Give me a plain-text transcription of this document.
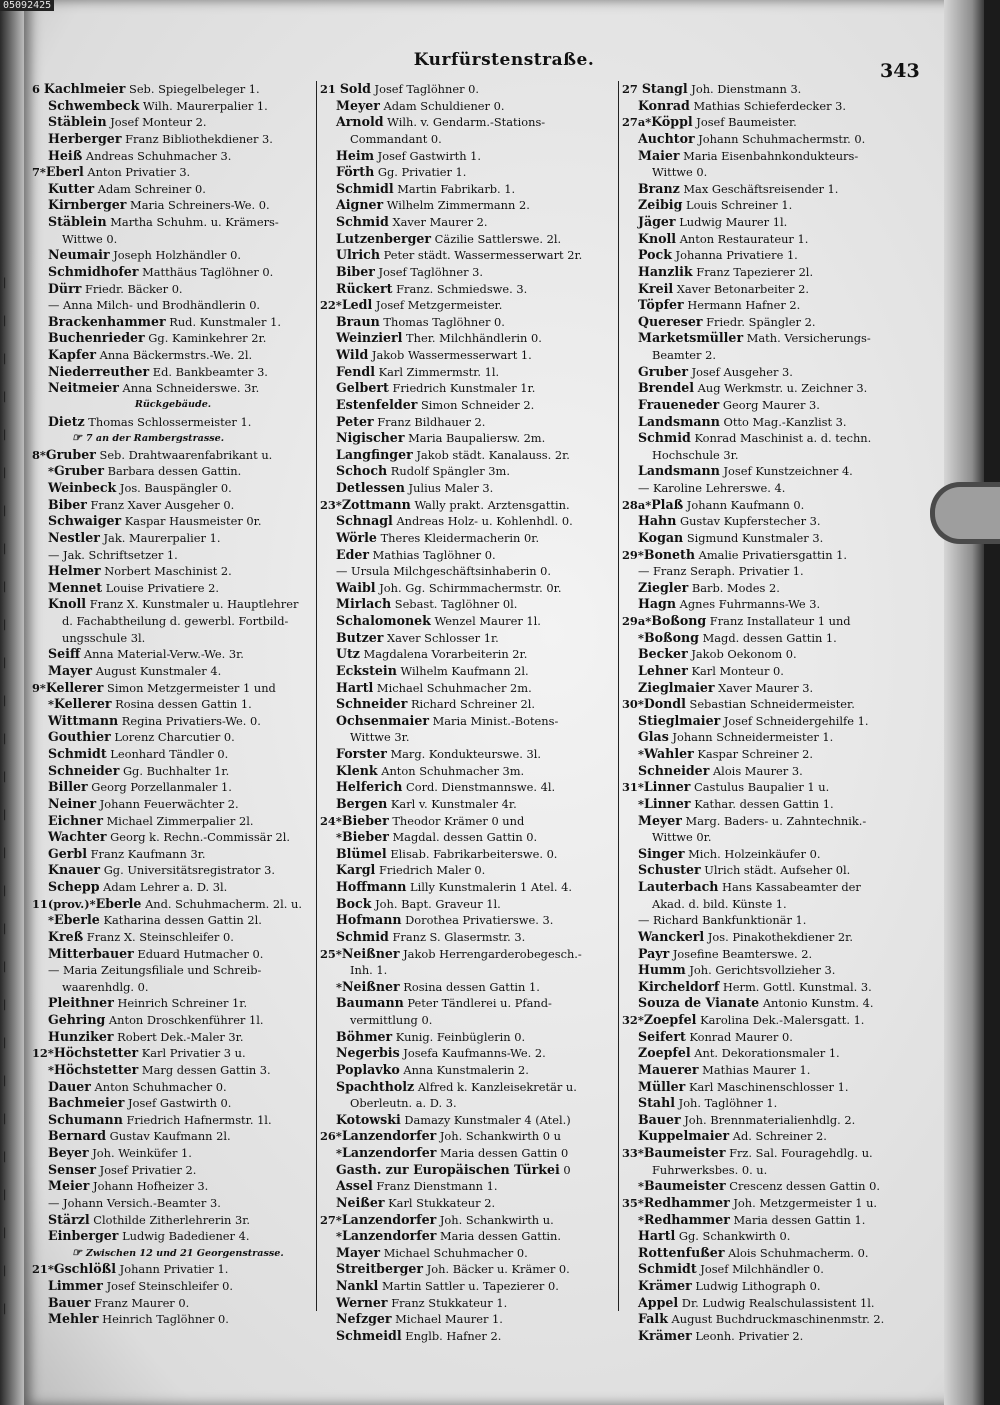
│
│
│
│
│
│
│
│
│
│
│
│
│
│
│
│
│
│
│
│
│
│
│
│
│
│
│
│
Kurfürstenstraße.	343
6 Kachlmeier Seb. Spiegelbeleger 1.
Schwembeck Wilh. Maurerpalier 1.
Stäblein Josef Monteur 2.
Herberger Franz Bibliothekdiener 3.
Heiß Andreas Schuhmacher 3.
7*Eberl Anton Privatier 3.
Kutter Adam Schreiner 0.
Kirnberger Maria Schreiners-We. 0.
Stäblein Martha Schuhm. u. Krämers-
Wittwe 0.
Neumair Joseph Holzhändler 0.
Schmidhofer Matthäus Taglöhner 0.
Dürr Friedr. Bäcker 0.
— Anna Milch- und Brodhändlerin 0.
Brackenhammer Rud. Kunstmaler 1.
Buchenrieder Gg. Kaminkehrer 2r.
Kapfer Anna Bäckermstrs.-We. 2l.
Niederreuther Ed. Bankbeamter 3.
Neitmeier Anna Schneiderswe. 3r.
Rückgebäude.
Dietz Thomas Schlossermeister 1.
☞ 7 an der Rambergstrasse.
8*Gruber Seb. Drahtwaarenfabrikant u.
*Gruber Barbara dessen Gattin.
Weinbeck Jos. Bauspängler 0.
Biber Franz Xaver Ausgeher 0.
Schwaiger Kaspar Hausmeister 0r.
Nestler Jak. Maurerpalier 1.
— Jak. Schriftsetzer 1.
Helmer Norbert Maschinist 2.
Mennet Louise Privatiere 2.
Knoll Franz X. Kunstmaler u. Hauptlehrer
d. Fachabtheilung d. gewerbl. Fortbild-
ungsschule 3l.
Seiff Anna Material-Verw.-We. 3r.
Mayer August Kunstmaler 4.
9*Kellerer Simon Metzgermeister 1 und
*Kellerer Rosina dessen Gattin 1.
Wittmann Regina Privatiers-We. 0.
Gouthier Lorenz Charcutier 0.
Schmidt Leonhard Tändler 0.
Schneider Gg. Buchhalter 1r.
Biller Georg Porzellanmaler 1.
Neiner Johann Feuerwächter 2.
Eichner Michael Zimmerpalier 2l.
Wachter Georg k. Rechn.-Commissär 2l.
Gerbl Franz Kaufmann 3r.
Knauer Gg. Universitätsregistrator 3.
Schepp Adam Lehrer a. D. 3l.
11(prov.)*Eberle And. Schuhmacherm. 2l. u.
*Eberle Katharina dessen Gattin 2l.
Kreß Franz X. Steinschleifer 0.
Mitterbauer Eduard Hutmacher 0.
— Maria Zeitungsfiliale und Schreib-
waarenhdlg. 0.
Pleithner Heinrich Schreiner 1r.
Gehring Anton Droschkenführer 1l.
Hunziker Robert Dek.-Maler 3r.
12*Höchstetter Karl Privatier 3 u.
*Höchstetter Marg dessen Gattin 3.
Dauer Anton Schuhmacher 0.
Bachmeier Josef Gastwirth 0.
Schumann Friedrich Hafnermstr. 1l.
Bernard Gustav Kaufmann 2l.
Beyer Joh. Weinküfer 1.
Senser Josef Privatier 2.
Meier Johann Hofheizer 3.
— Johann Versich.-Beamter 3.
Stärzl Clothilde Zitherlehrerin 3r.
Einberger Ludwig Badediener 4.
☞ Zwischen 12 und 21 Georgenstrasse.
21*Gschlößl Johann Privatier 1.
Limmer Josef Steinschleifer 0.
Bauer Franz Maurer 0.
Mehler Heinrich Taglöhner 0.
21 Sold Josef Taglöhner 0.
Meyer Adam Schuldiener 0.
Arnold Wilh. v. Gendarm.-Stations-
Commandant 0.
Heim Josef Gastwirth 1.
Förth Gg. Privatier 1.
Schmidl Martin Fabrikarb. 1.
Aigner Wilhelm Zimmermann 2.
Schmid Xaver Maurer 2.
Lutzenberger Cäzilie Sattlerswe. 2l.
Ulrich Peter städt. Wassermesserwart 2r.
Biber Josef Taglöhner 3.
Rückert Franz. Schmiedswe. 3.
22*Ledl Josef Metzgermeister.
Braun Thomas Taglöhner 0.
Weinzierl Ther. Milchhändlerin 0.
Wild Jakob Wassermesserwart 1.
Fendl Karl Zimmermstr. 1l.
Gelbert Friedrich Kunstmaler 1r.
Estenfelder Simon Schneider 2.
Peter Franz Bildhauer 2.
Nigischer Maria Baupaliersw. 2m.
Langfinger Jakob städt. Kanalauss. 2r.
Schoch Rudolf Spängler 3m.
Detlessen Julius Maler 3.
23*Zottmann Wally prakt. Arztensgattin.
Schnagl Andreas Holz- u. Kohlenhdl. 0.
Wörle Theres Kleidermacherin 0r.
Eder Mathias Taglöhner 0.
— Ursula Milchgeschäftsinhaberin 0.
Waibl Joh. Gg. Schirmmachermstr. 0r.
Mirlach Sebast. Taglöhner 0l.
Schalomonek Wenzel Maurer 1l.
Butzer Xaver Schlosser 1r.
Utz Magdalena Vorarbeiterin 2r.
Eckstein Wilhelm Kaufmann 2l.
Hartl Michael Schuhmacher 2m.
Schneider Richard Schreiner 2l.
Ochsenmaier Maria Minist.-Botens-
Wittwe 3r.
Forster Marg. Kondukteurswe. 3l.
Klenk Anton Schuhmacher 3m.
Helferich Cord. Dienstmannswe. 4l.
Bergen Karl v. Kunstmaler 4r.
24*Bieber Theodor Krämer 0 und
*Bieber Magdal. dessen Gattin 0.
Blümel Elisab. Fabrikarbeiterswe. 0.
Kargl Friedrich Maler 0.
Hoffmann Lilly Kunstmalerin 1 Atel. 4.
Bock Joh. Bapt. Graveur 1l.
Hofmann Dorothea Privatierswe. 3.
Schmid Franz S. Glasermstr. 3.
25*Neißner Jakob Herrengarderobegesch.-
Inh. 1.
*Neißner Rosina dessen Gattin 1.
Baumann Peter Tändlerei u. Pfand-
vermittlung 0.
Böhmer Kunig. Feinbüglerin 0.
Negerbis Josefa Kaufmanns-We. 2.
Poplavko Anna Kunstmalerin 2.
Spachtholz Alfred k. Kanzleisekretär u.
Oberleutn. a. D. 3.
Kotowski Damazy Kunstmaler 4 (Atel.)
26*Lanzendorfer Joh. Schankwirth 0 u
*Lanzendorfer Maria dessen Gattin 0
Gasth. zur Europäischen Türkei 0
Assel Franz Dienstmann 1.
Neißer Karl Stukkateur 2.
27*Lanzendorfer Joh. Schankwirth u.
*Lanzendorfer Maria dessen Gattin.
Mayer Michael Schuhmacher 0.
Streitberger Joh. Bäcker u. Krämer 0.
Nankl Martin Sattler u. Tapezierer 0.
Werner Franz Stukkateur 1.
Nefzger Michael Maurer 1.
Schmeidl Englb. Hafner 2.
27 Stangl Joh. Dienstmann 3.
Konrad Mathias Schieferdecker 3.
27a*Köppl Josef Baumeister.
Auchtor Johann Schuhmachermstr. 0.
Maier Maria Eisenbahnkondukteurs-
Wittwe 0.
Branz Max Geschäftsreisender 1.
Zeibig Louis Schreiner 1.
Jäger Ludwig Maurer 1l.
Knoll Anton Restaurateur 1.
Pock Johanna Privatiere 1.
Hanzlik Franz Tapezierer 2l.
Kreil Xaver Betonarbeiter 2.
Töpfer Hermann Hafner 2.
Quereser Friedr. Spängler 2.
Marketsmüller Math. Versicherungs-
Beamter 2.
Gruber Josef Ausgeher 3.
Brendel Aug Werkmstr. u. Zeichner 3.
Fraueneder Georg Maurer 3.
Landsmann Otto Mag.-Kanzlist 3.
Schmid Konrad Maschinist a. d. techn.
Hochschule 3r.
Landsmann Josef Kunstzeichner 4.
— Karoline Lehrerswe. 4.
28a*Plaß Johann Kaufmann 0.
Hahn Gustav Kupferstecher 3.
Kogan Sigmund Kunstmaler 3.
29*Boneth Amalie Privatiersgattin 1.
— Franz Seraph. Privatier 1.
Ziegler Barb. Modes 2.
Hagn Agnes Fuhrmanns-We 3.
29a*Boßong Franz Installateur 1 und
*Boßong Magd. dessen Gattin 1.
Becker Jakob Oekonom 0.
Lehner Karl Monteur 0.
Zieglmaier Xaver Maurer 3.
30*Dondl Sebastian Schneidermeister.
Stieglmaier Josef Schneidergehilfe 1.
Glas Johann Schneidermeister 1.
*Wahler Kaspar Schreiner 2.
Schneider Alois Maurer 3.
31*Linner Castulus Baupalier 1 u.
*Linner Kathar. dessen Gattin 1.
Meyer Marg. Baders- u. Zahntechnik.-
Wittwe 0r.
Singer Mich. Holzeinkäufer 0.
Schuster Ulrich städt. Aufseher 0l.
Lauterbach Hans Kassabeamter der
Akad. d. bild. Künste 1.
— Richard Bankfunktionär 1.
Wanckerl Jos. Pinakothekdiener 2r.
Payr Josefine Beamterswe. 2.
Humm Joh. Gerichtsvollzieher 3.
Kircheldorf Herm. Gottl. Kunstmal. 3.
Souza de Vianate Antonio Kunstm. 4.
32*Zoepfel Karolina Dek.-Malersgatt. 1.
Seifert Konrad Maurer 0.
Zoepfel Ant. Dekorationsmaler 1.
Mauerer Mathias Maurer 1.
Müller Karl Maschinenschlosser 1.
Stahl Joh. Taglöhner 1.
Bauer Joh. Brennmaterialienhdlg. 2.
Kuppelmaier Ad. Schreiner 2.
33*Baumeister Frz. Sal. Fouragehdlg. u.
Fuhrwerksbes. 0. u.
*Baumeister Crescenz dessen Gattin 0.
35*Redhammer Joh. Metzgermeister 1 u.
*Redhammer Maria dessen Gattin 1.
Hartl Gg. Schankwirth 0.
Rottenfußer Alois Schuhmacherm. 0.
Schmidt Josef Milchhändler 0.
Krämer Ludwig Lithograph 0.
Appel Dr. Ludwig Realschulassistent 1l.
Falk August Buchdruckmaschinenmstr. 2.
Krämer Leonh. Privatier 2.
05092425
